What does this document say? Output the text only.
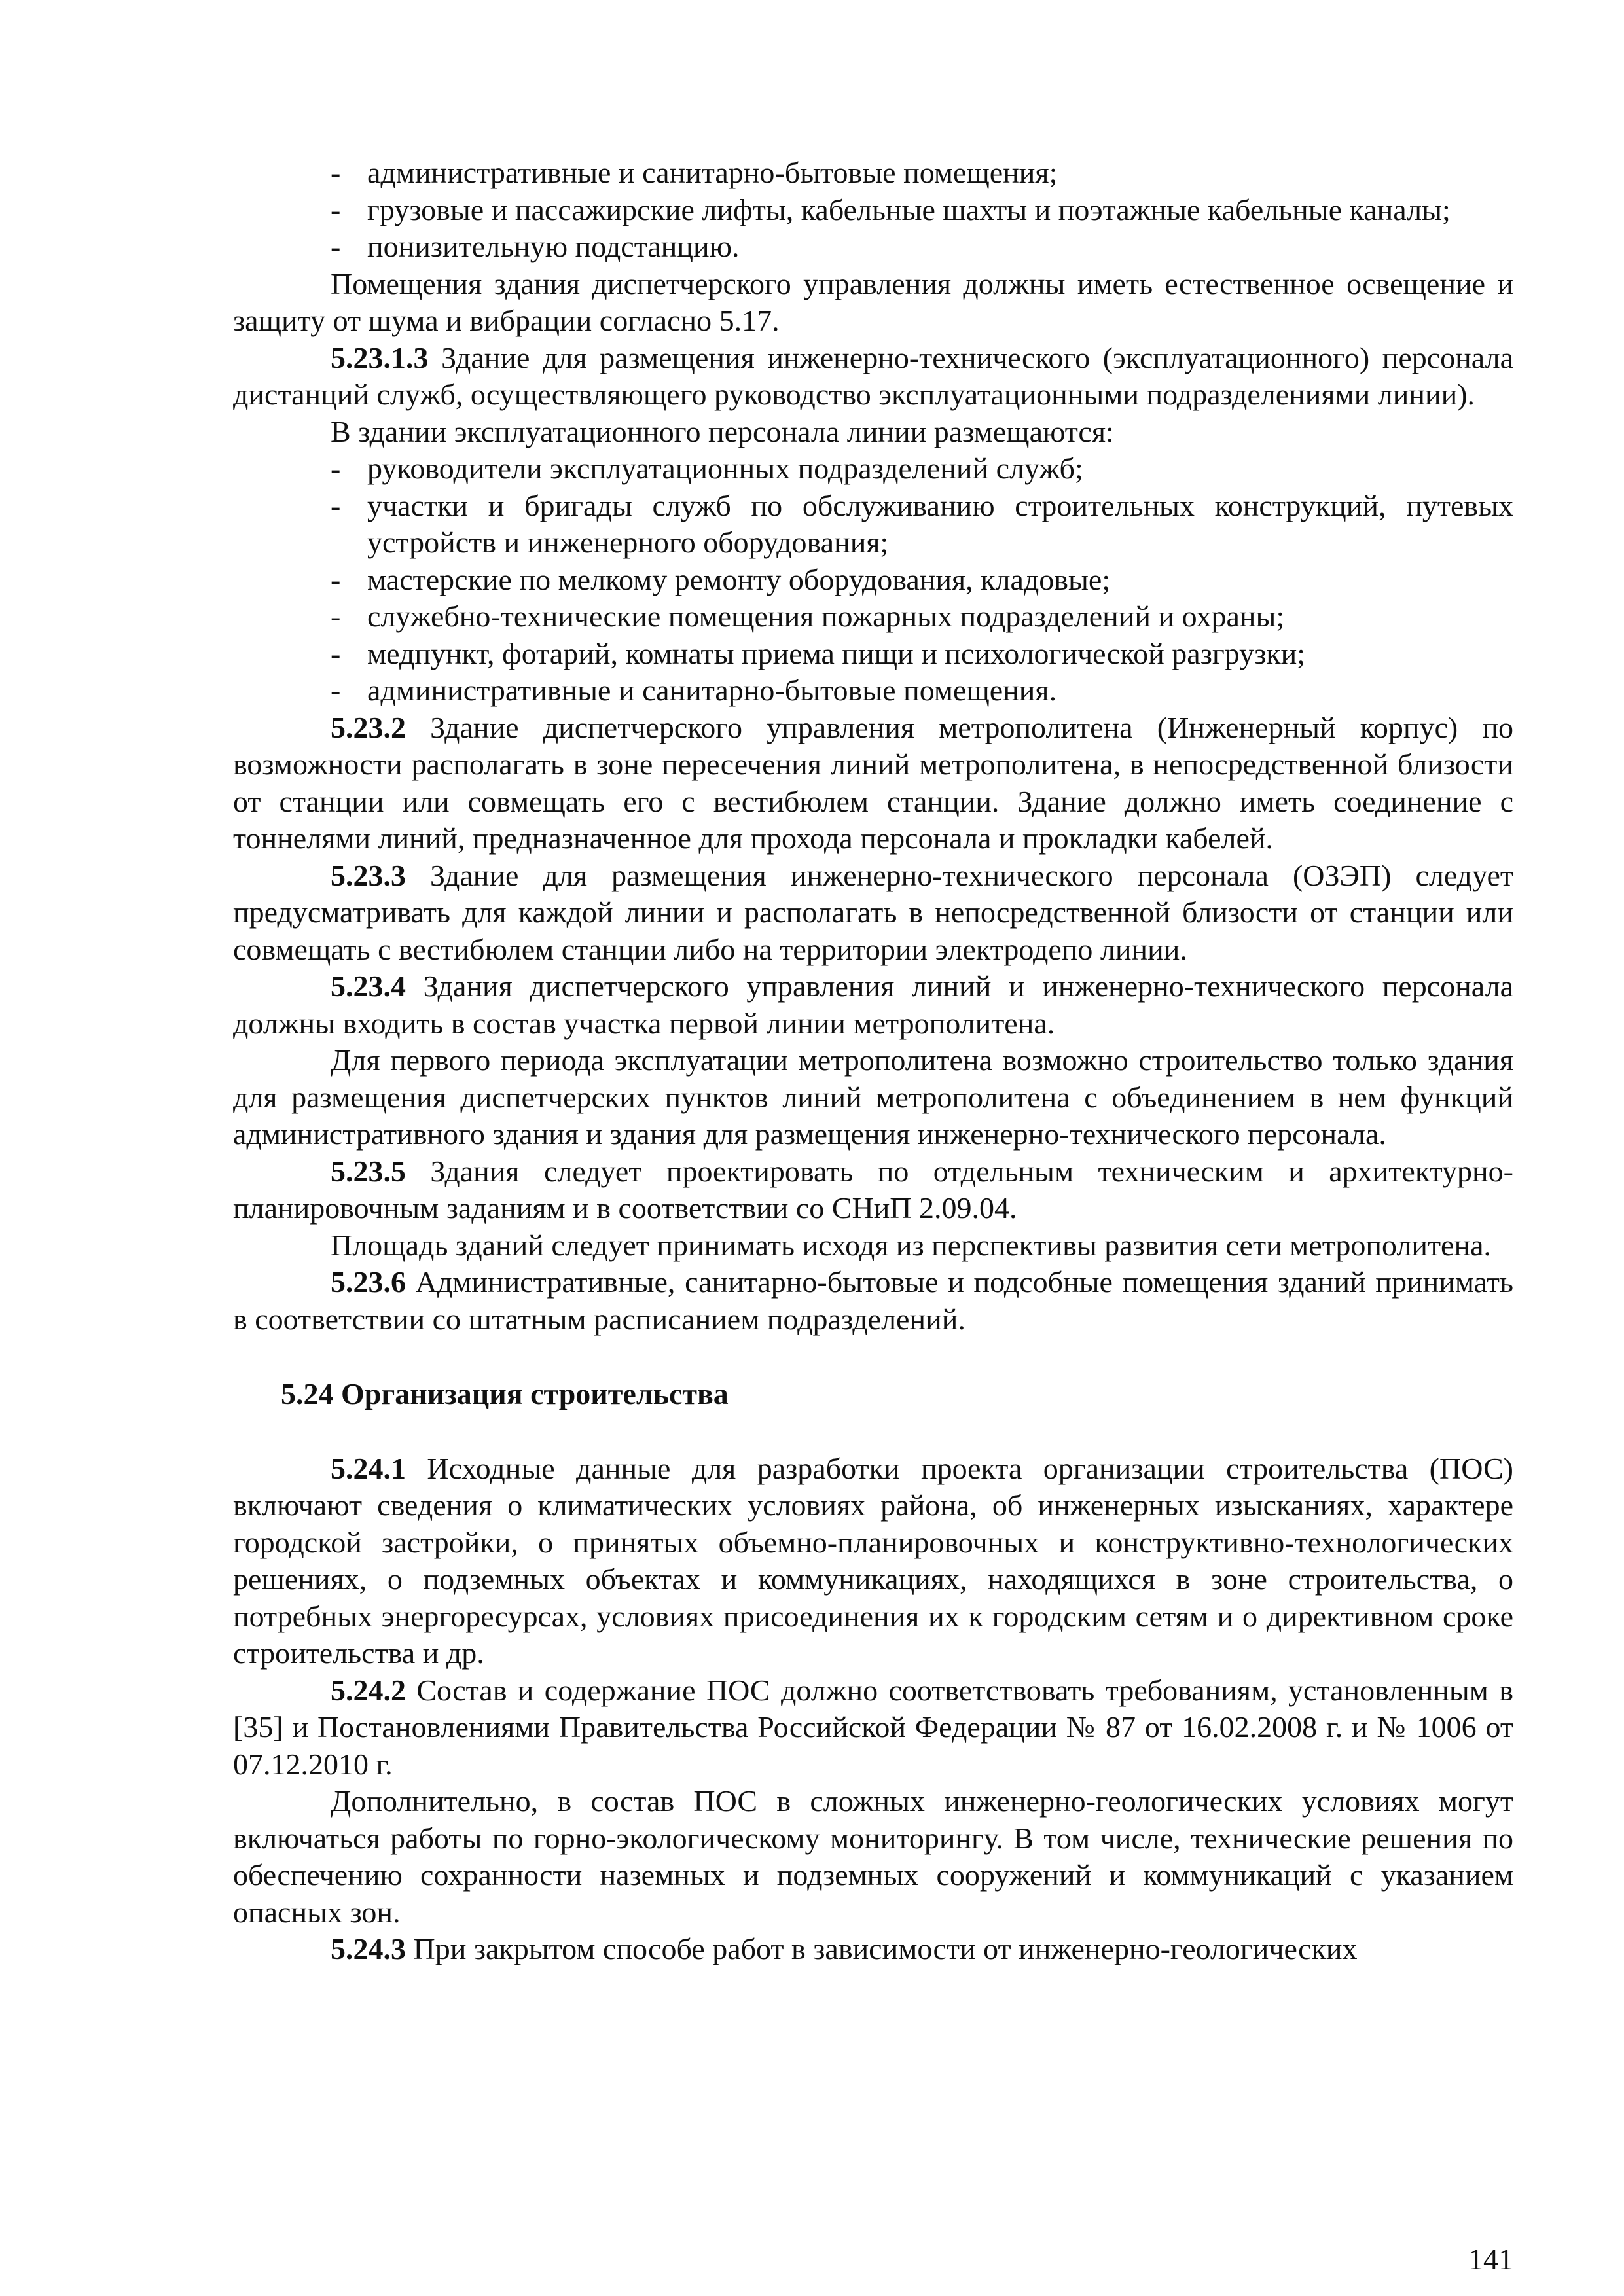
- административные и санитарно-бытовые помещения;
- грузовые и пассажирские лифты, кабельные шахты и поэтажные кабельные каналы;
- понизительную подстанцию.

Помещения здания диспетчерского управления должны иметь естественное освещение и защиту от шума и вибрации согласно 5.17.

5.23.1.3 Здание для размещения инженерно-технического (эксплуатационного) персонала дистанций служб, осуществляющего руководство эксплуатационными подразделениями линии).

В здании эксплуатационного персонала линии размещаются:

- руководители эксплуатационных подразделений служб;
- участки и бригады служб по обслуживанию строительных конструкций, путевых устройств и инженерного оборудования;
- мастерские по мелкому ремонту оборудования, кладовые;
- служебно-технические помещения пожарных подразделений и охраны;
- медпункт, фотарий, комнаты приема пищи и психологической разгрузки;
- административные и санитарно-бытовые помещения.

5.23.2 Здание диспетчерского управления метрополитена (Инженерный корпус) по возможности располагать в зоне пересечения линий метрополитена, в непосредственной близости от станции или совмещать его с вестибюлем станции. Здание должно иметь соединение с тоннелями линий, предназначенное для прохода персонала и прокладки кабелей.

5.23.3 Здание для размещения инженерно-технического персонала (ОЗЭП) следует предусматривать для каждой линии и располагать в непосредственной близости от станции или совмещать с вестибюлем станции либо на территории электродепо линии.

5.23.4 Здания диспетчерского управления линий и инженерно-технического персонала должны входить в состав участка первой линии метрополитена.

Для первого периода эксплуатации метрополитена возможно строительство только здания для размещения диспетчерских пунктов линий метрополитена с объединением в нем функций административного здания и здания для размещения инженерно-технического персонала.

5.23.5 Здания следует проектировать по отдельным техническим и архитектурно-планировочным заданиям и в соответствии со СНиП 2.09.04.

Площадь зданий следует принимать исходя из перспективы развития сети метрополитена.

5.23.6 Административные, санитарно-бытовые и подсобные помещения зданий принимать в соответствии со штатным расписанием подразделений.

5.24 Организация строительства

5.24.1 Исходные данные для разработки проекта организации строительства (ПОС) включают сведения о климатических условиях района, об инженерных изысканиях, характере городской застройки, о принятых объемно-планировочных и конструктивно-технологических решениях, о подземных объектах и коммуникациях, находящихся в зоне строительства, о потребных энергоресурсах, условиях присоединения их к городским сетям и о директивном сроке строительства и др.

5.24.2 Состав и содержание ПОС должно соответствовать требованиям, установленным в [35] и Постановлениями Правительства Российской Федерации № 87 от 16.02.2008 г. и № 1006 от 07.12.2010 г.

Дополнительно, в состав ПОС в сложных инженерно-геологических условиях могут включаться работы по горно-экологическому мониторингу. В том числе, технические решения по обеспечению сохранности наземных и подземных сооружений и коммуникаций с указанием опасных зон.

5.24.3 При закрытом способе работ в зависимости от инженерно-геологических

141
